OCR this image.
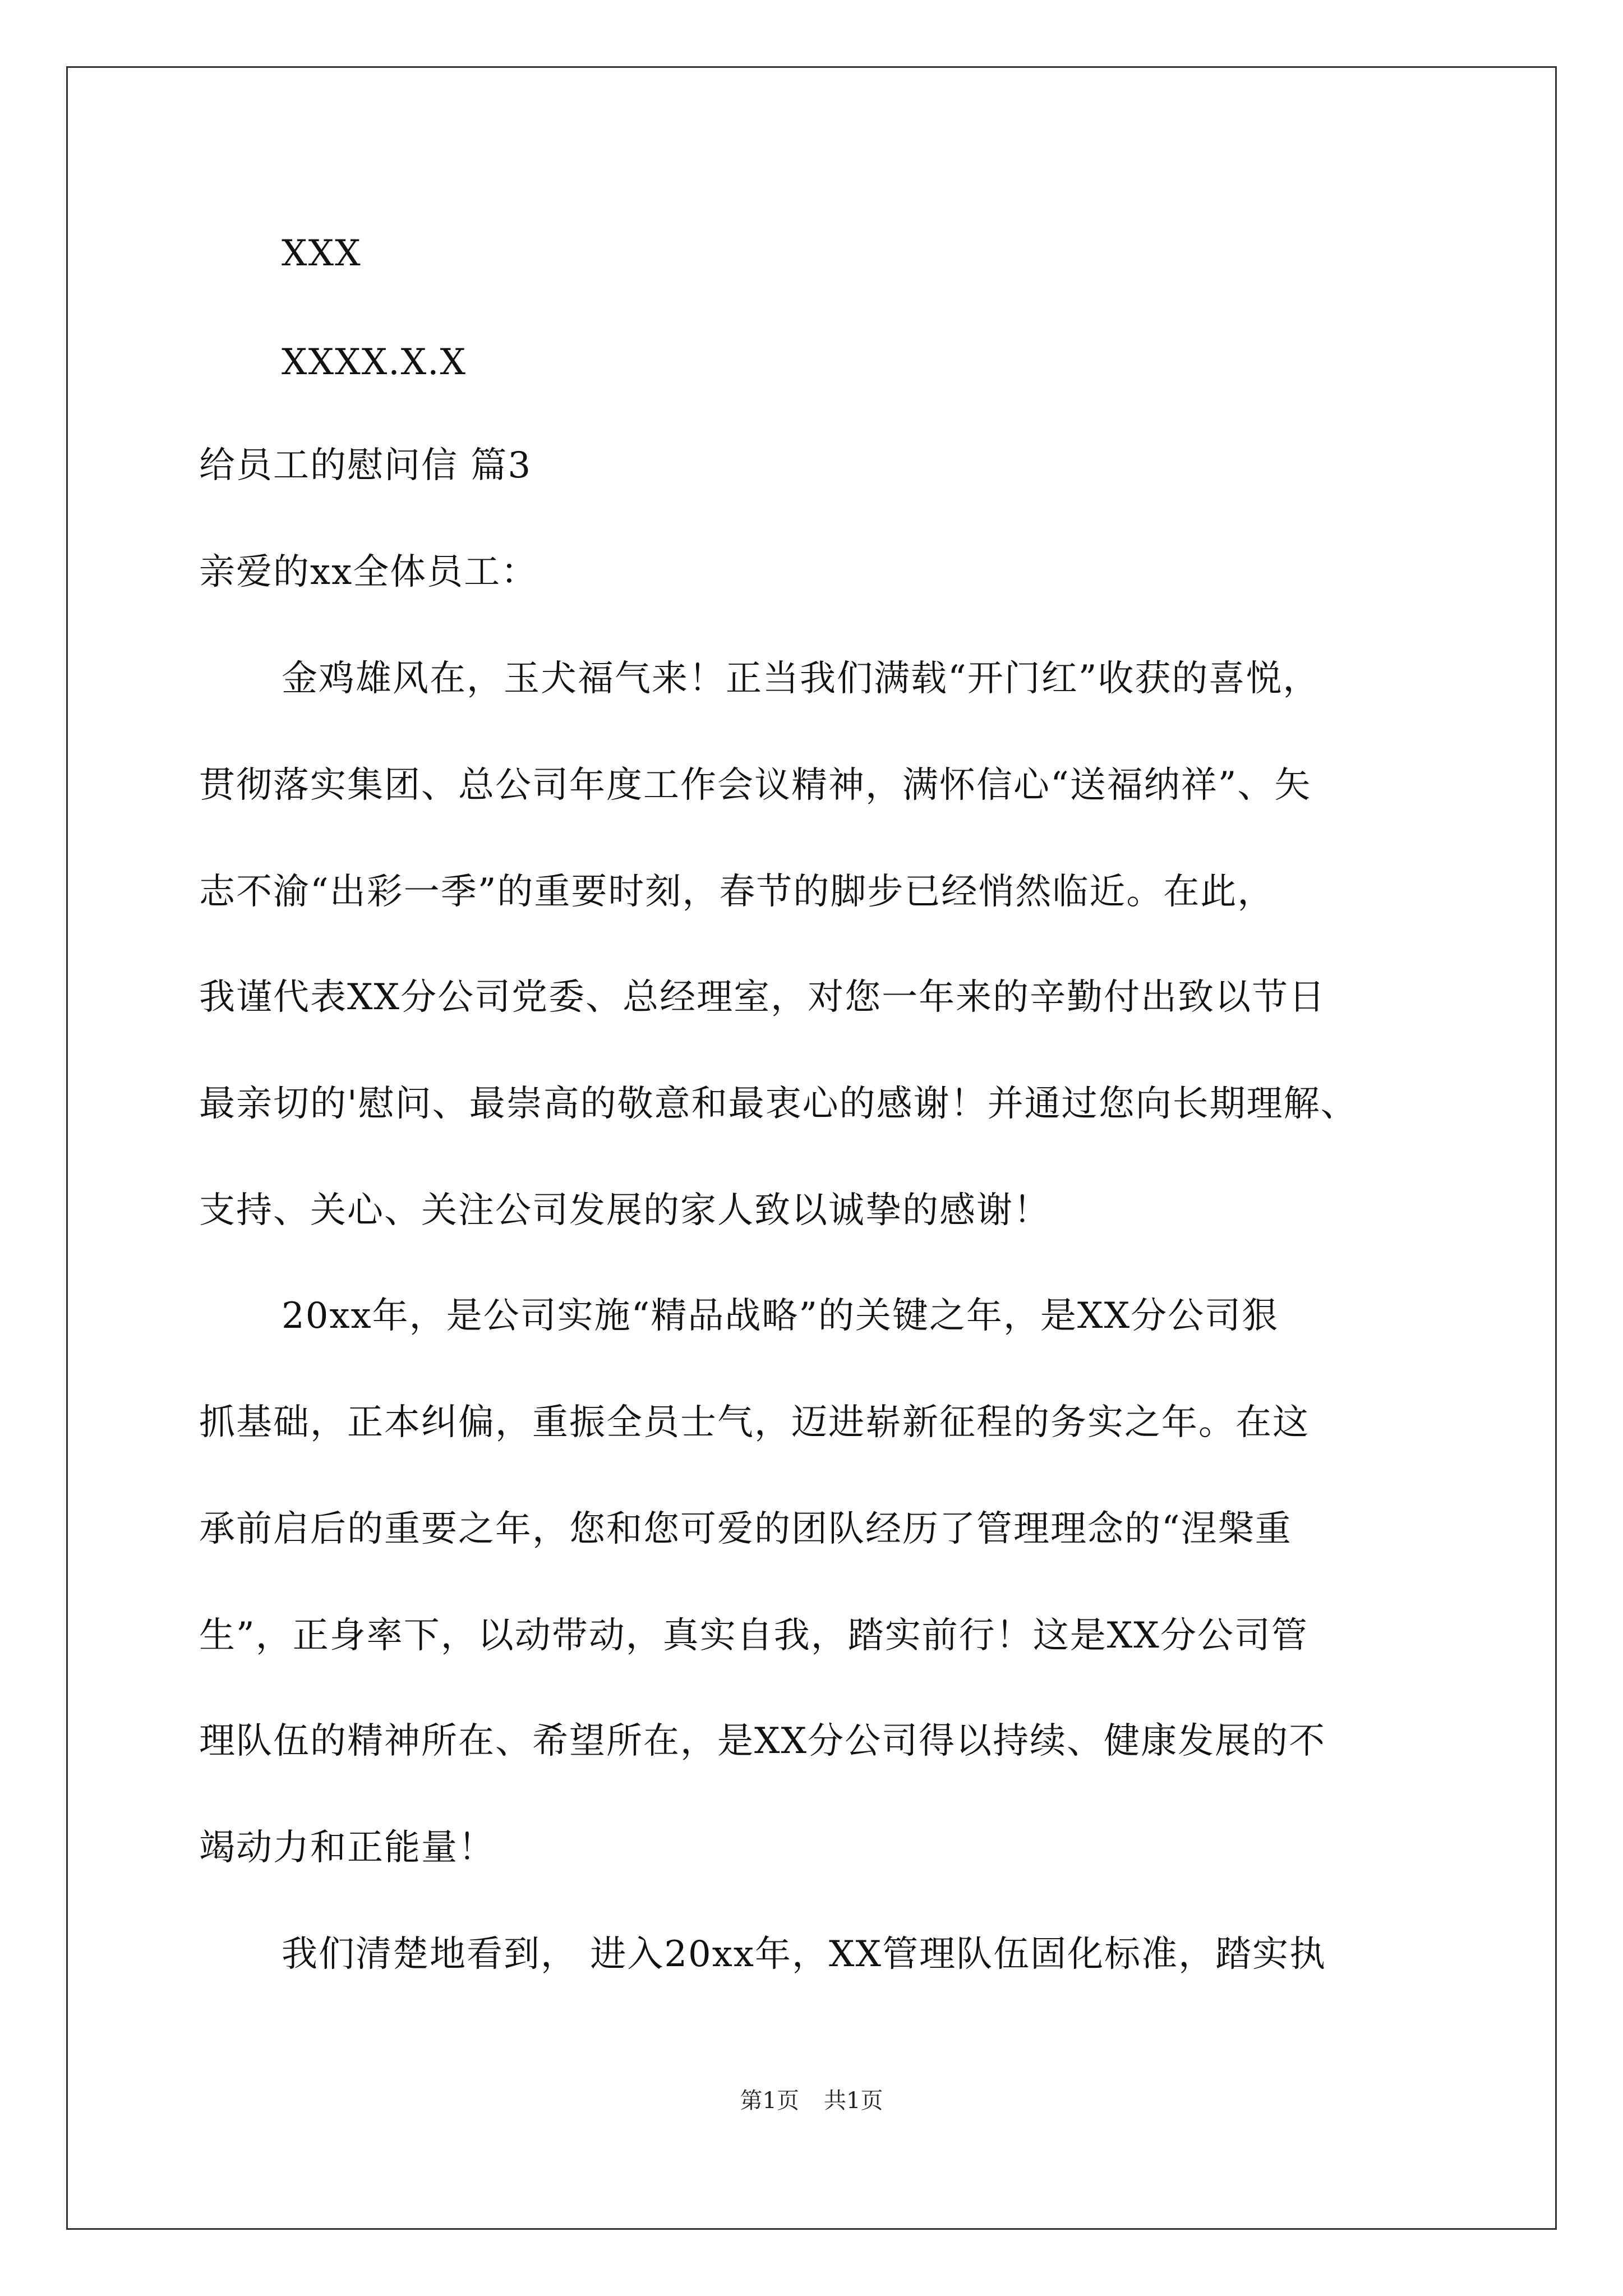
XXX
XXXX.X.X
给员工的慰问信 篇3
亲爱的xx全体员工：
金鸡雄风在，玉犬福气来！正当我们满载“开门红”收获的喜悦，
贯彻落实集团、总公司年度工作会议精神，满怀信心“送福纳祥”、矢
志不渝“出彩一季”的重要时刻，春节的脚步已经悄然临近。在此，
我谨代表XX分公司党委、总经理室，对您一年来的辛勤付出致以节日
最亲切的'慰问、最崇高的敬意和最衷心的感谢！并通过您向长期理解、
支持、关心、关注公司发展的家人致以诚挚的感谢！
20xx年，是公司实施“精品战略”的关键之年，是XX分公司狠
抓基础，正本纠偏，重振全员士气，迈进崭新征程的务实之年。在这
承前启后的重要之年，您和您可爱的团队经历了管理理念的“涅槃重
生”，正身率下，以动带动，真实自我，踏实前行！这是XX分公司管
理队伍的精神所在、希望所在，是XX分公司得以持续、健康发展的不
竭动力和正能量！
我们清楚地看到， 进入20xx年，XX管理队伍固化标准，踏实执
第1页 共1页
